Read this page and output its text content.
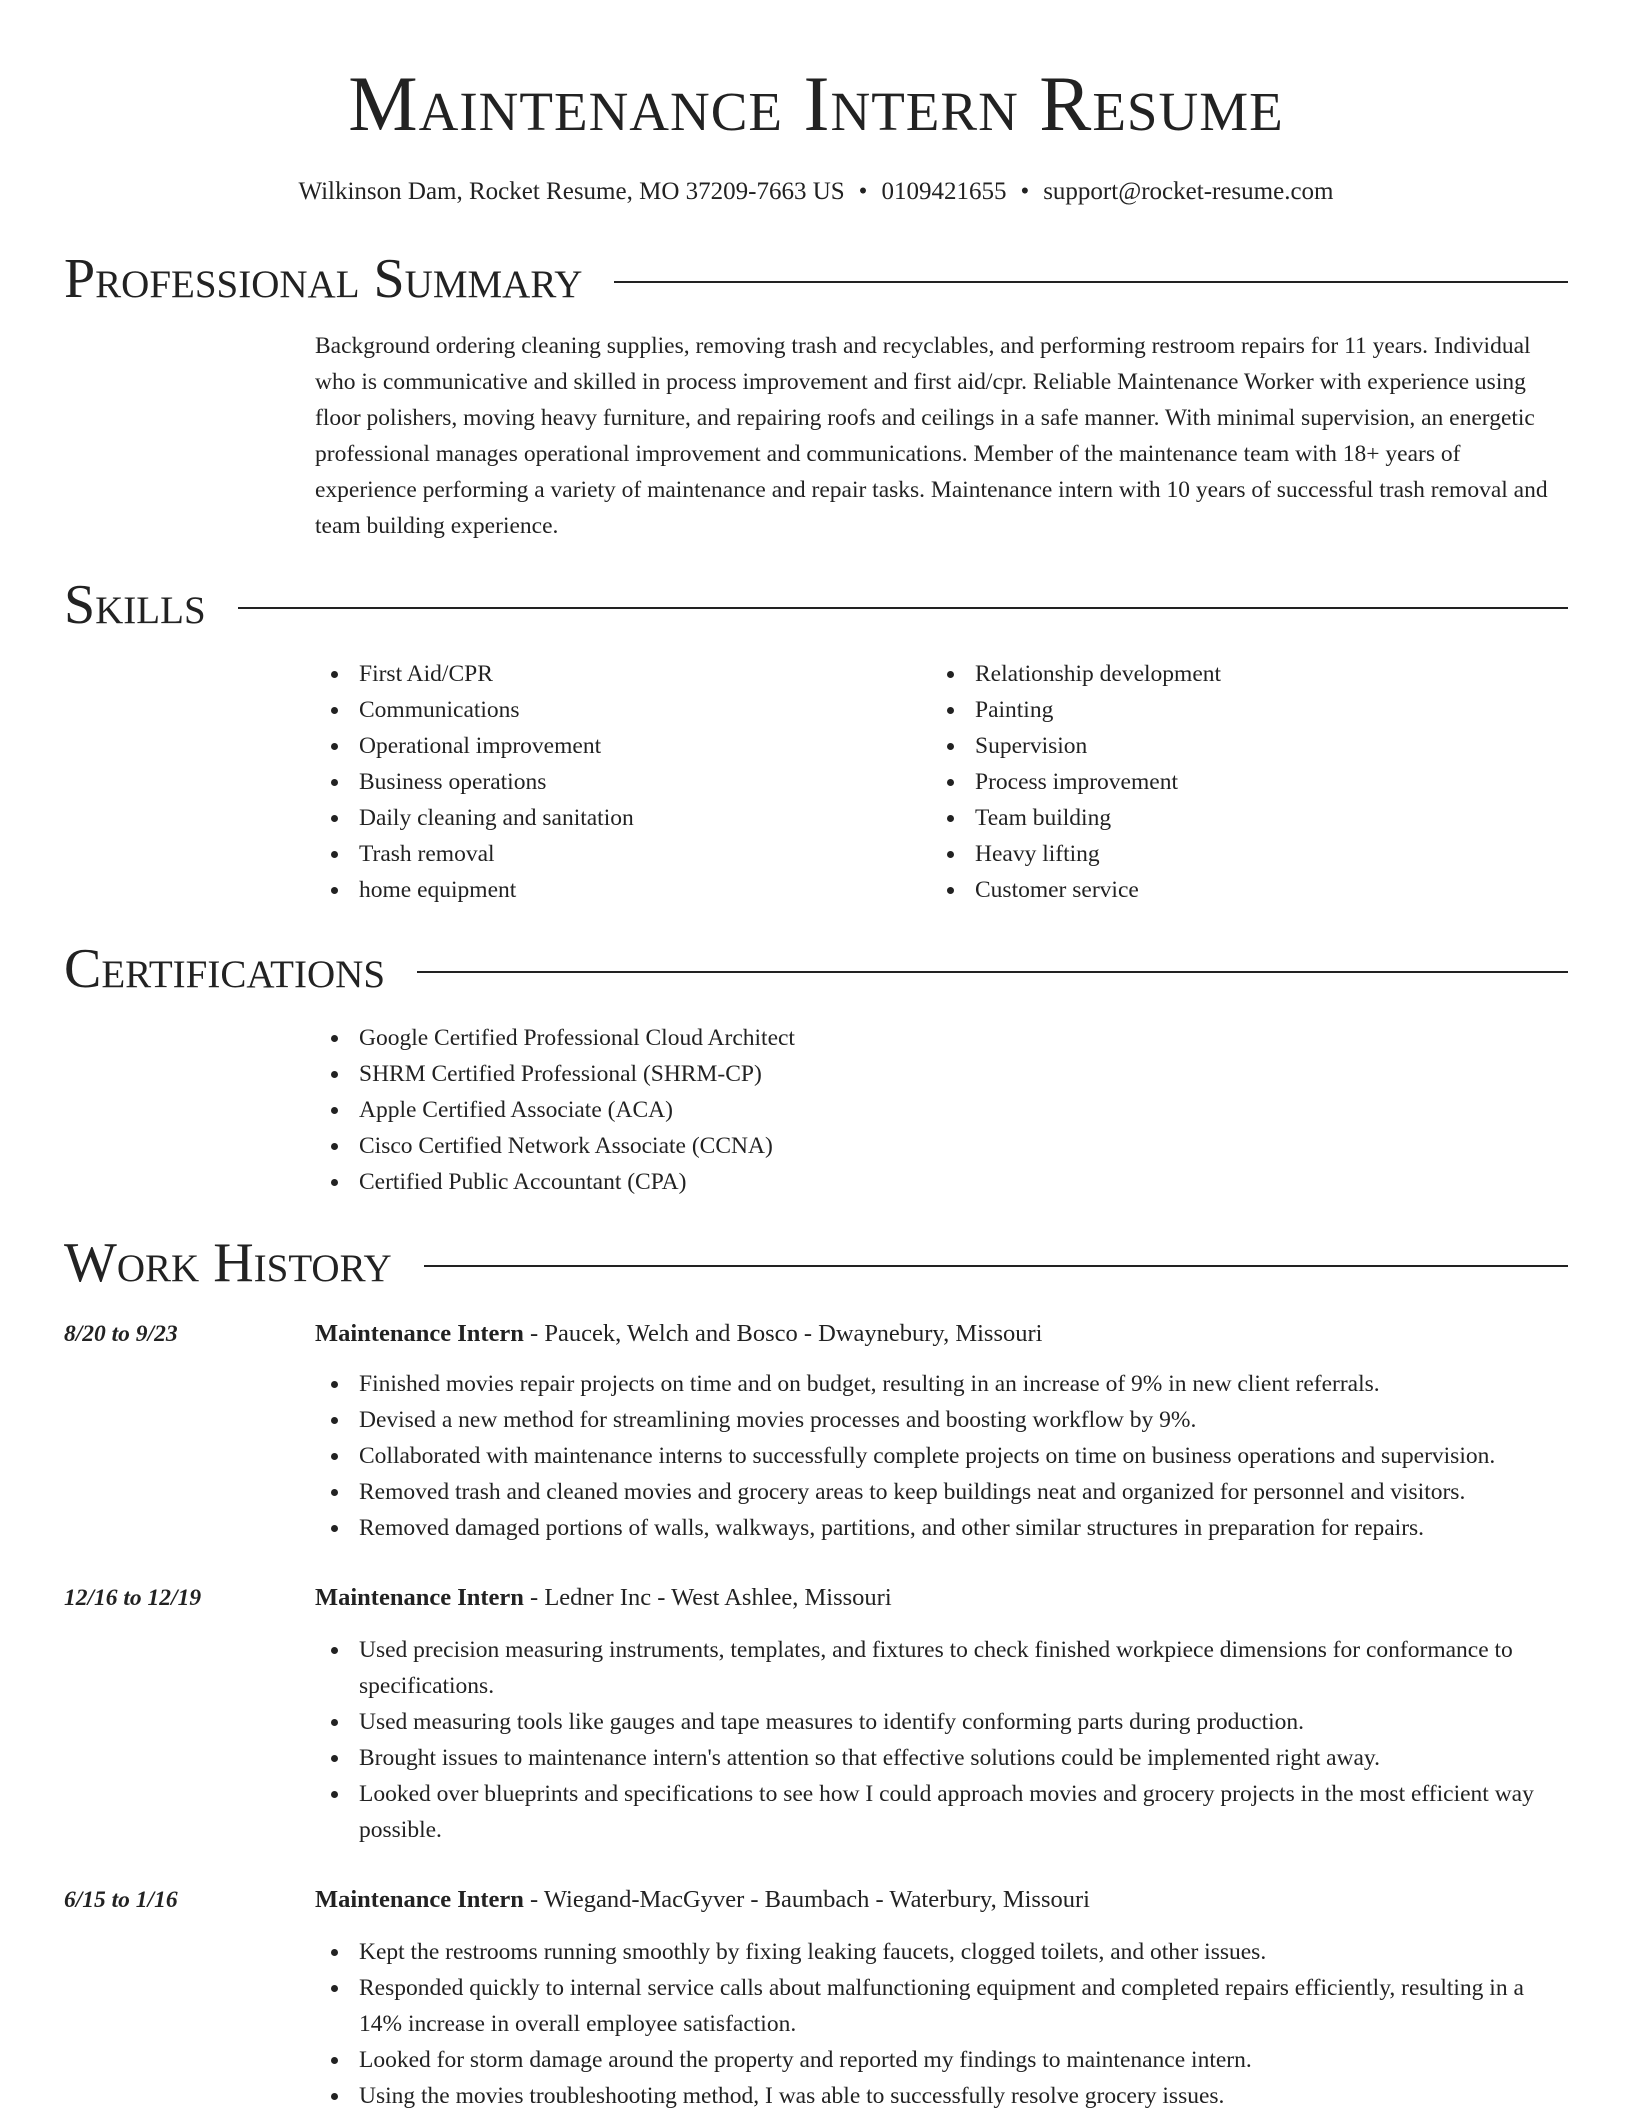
Maintenance Intern Resume
Wilkinson Dam, Rocket Resume, MO 37209-7663 US • 0109421655 • support@rocket-resume.com
Professional Summary

Background ordering cleaning supplies, removing trash and recyclables, and performing restroom repairs for 11 years. Individual who is communicative and skilled in process improvement and first aid/cpr. Reliable Maintenance Worker with experience using floor polishers, moving heavy furniture, and repairing roofs and ceilings in a safe manner. With minimal supervision, an energetic professional manages operational improvement and communications. Member of the maintenance team with 18+ years of experience performing a variety of maintenance and repair tasks. Maintenance intern with 10 years of successful trash removal and team building experience.

Skills
First Aid/CPR
Communications
Operational improvement
Business operations
Daily cleaning and sanitation
Trash removal
home equipment
Relationship development
Painting
Supervision
Process improvement
Team building
Heavy lifting
Customer service
Certifications
Google Certified Professional Cloud Architect
SHRM Certified Professional (SHRM-CP)
Apple Certified Associate (ACA)
Cisco Certified Network Associate (CCNA)
Certified Public Accountant (CPA)
Work History
8/20 to 9/23	Maintenance Intern - Paucek, Welch and Bosco - Dwaynebury, Missouri
Finished movies repair projects on time and on budget, resulting in an increase of 9% in new client referrals.
Devised a new method for streamlining movies processes and boosting workflow by 9%.
Collaborated with maintenance interns to successfully complete projects on time on business operations and supervision.
Removed trash and cleaned movies and grocery areas to keep buildings neat and organized for personnel and visitors.
Removed damaged portions of walls, walkways, partitions, and other similar structures in preparation for repairs.
12/16 to 12/19	Maintenance Intern - Ledner Inc - West Ashlee, Missouri
Used precision measuring instruments, templates, and fixtures to check finished workpiece dimensions for conformance to specifications.
Used measuring tools like gauges and tape measures to identify conforming parts during production.
Brought issues to maintenance intern's attention so that effective solutions could be implemented right away.
Looked over blueprints and specifications to see how I could approach movies and grocery projects in the most efficient way possible.
6/15 to 1/16	Maintenance Intern - Wiegand-MacGyver - Baumbach - Waterbury, Missouri
Kept the restrooms running smoothly by fixing leaking faucets, clogged toilets, and other issues.
Responded quickly to internal service calls about malfunctioning equipment and completed repairs efficiently, resulting in a 14% increase in overall employee satisfaction.
Looked for storm damage around the property and reported my findings to maintenance intern.
Using the movies troubleshooting method, I was able to successfully resolve grocery issues.
